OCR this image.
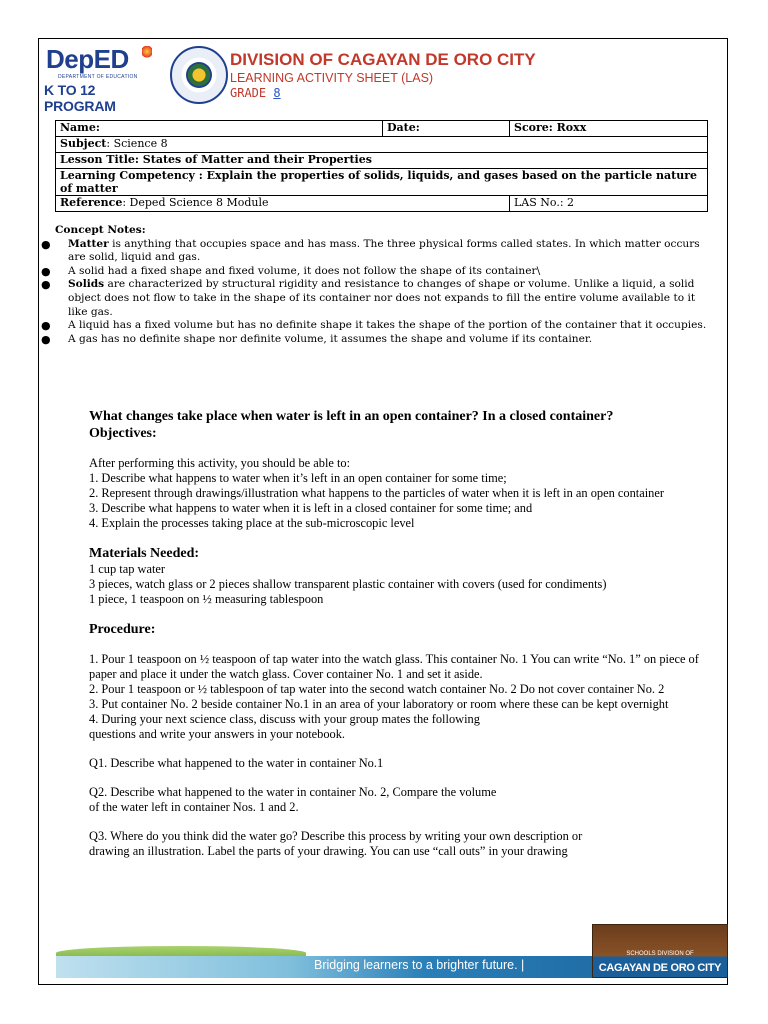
DepED
DEPARTMENT OF EDUCATION
K TO 12 PROGRAM
DIVISION OF CAGAYAN DE ORO CITY
LEARNING ACTIVITY SHEET (LAS)
GRADE 8
Name:	Date:	Score: Roxx
Subject: Science 8		
Lesson Title: States of Matter and their Properties		
Learning Competency : Explain the properties of solids, liquids, and gases based on the particle nature of matter		
Reference: Deped Science 8 Module		LAS No.: 2
Concept Notes:
● Matter is anything that occupies space and has mass. The three physical forms called states. In which matter occurs are solid, liquid and gas.
● A solid had a fixed shape and fixed volume, it does not follow the shape of its container\
● Solids are characterized by structural rigidity and resistance to changes of shape or volume. Unlike a liquid, a solid object does not flow to take in the shape of its container nor does not expands to fill the entire volume available to it like gas.
● A liquid has a fixed volume but has no definite shape it takes the shape of the portion of the container that it occupies.
● A gas has no definite shape nor definite volume, it assumes the shape and volume if its container.
What changes take place when water is left in an open container? In a closed container?
Objectives:
After performing this activity, you should be able to:
1. Describe what happens to water when it’s left in an open container for some time;
2. Represent through drawings/illustration what happens to the particles of water when it is left in an open container
3. Describe what happens to water when it is left in a closed container for some time; and
4. Explain the processes taking place at the sub-microscopic level
Materials Needed:
1 cup tap water
3 pieces, watch glass or 2 pieces shallow transparent plastic container with covers (used for condiments)
1 piece, 1 teaspoon on ½ measuring tablespoon
Procedure:
1. Pour 1 teaspoon on ½ teaspoon of tap water into the watch glass. This container No. 1 You can write “No. 1” on piece of paper and place it under the watch glass. Cover container No. 1 and set it aside.
2. Pour 1 teaspoon or ½ tablespoon of tap water into the second watch container No. 2 Do not cover container No. 2
3. Put container No. 2 beside container No.1 in an area of your laboratory or room where these can be kept overnight
4. During your next science class, discuss with your group mates the following
questions and write your answers in your notebook.
Q1. Describe what happened to the water in container No.1
Q2. Describe what happened to the water in container No. 2, Compare the volume
of the water left in container Nos. 1 and 2.
Q3. Where do you think did the water go? Describe this process by writing your own description or
drawing an illustration. Label the parts of your drawing. You can use “call outs” in your drawing
Bridging learners to a brighter future. |
SCHOOLS DIVISION OF
CAGAYAN DE ORO CITY
